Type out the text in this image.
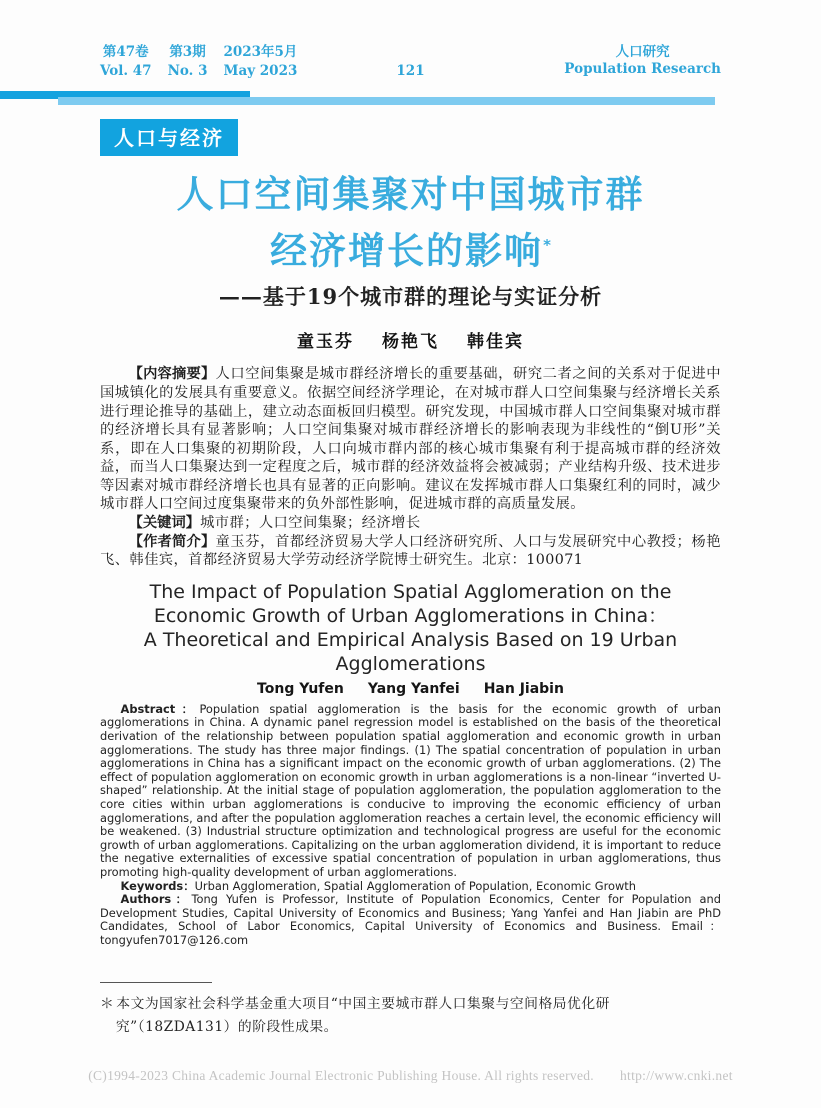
第47卷 第3期 2023年5月
Vol. 47 No. 3 May 2023	121
人口研究
Population Research
人口与经济
人口空间集聚对中国城市群
经济增长的影响*
——基于19个城市群的理论与实证分析
童玉芬 杨艳飞 韩佳宾

【内容摘要】人口空间集聚是城市群经济增长的重要基础，研究二者之间的关系对于促进中国城镇化的发展具有重要意义。依据空间经济学理论，在对城市群人口空间集聚与经济增长关系进行理论推导的基础上，建立动态面板回归模型。研究发现，中国城市群人口空间集聚对城市群的经济增长具有显著影响；人口空间集聚对城市群经济增长的影响表现为非线性的“倒U形”关系，即在人口集聚的初期阶段，人口向城市群内部的核心城市集聚有利于提高城市群的经济效益，而当人口集聚达到一定程度之后，城市群的经济效益将会被减弱；产业结构升级、技术进步等因素对城市群经济增长也具有显著的正向影响。建议在发挥城市群人口集聚红利的同时，减少城市群人口空间过度集聚带来的负外部性影响，促进城市群的高质量发展。

【关键词】城市群；人口空间集聚；经济增长

【作者简介】童玉芬，首都经济贸易大学人口经济研究所、人口与发展研究中心教授；杨艳飞、韩佳宾，首都经济贸易大学劳动经济学院博士研究生。北京：100071

The Impact of Population Spatial Agglomeration on the
Economic Growth of Urban Agglomerations in China：
A Theoretical and Empirical Analysis Based on 19 Urban Agglomerations
Tong Yufen Yang Yanfei Han Jiabin

Abstract：Population spatial agglomeration is the basis for the economic growth of urban agglomerations in China. A dynamic panel regression model is established on the basis of the theoretical derivation of the relationship between population spatial agglomeration and economic growth in urban agglomerations. The study has three major findings. (1) The spatial concentration of population in urban agglomerations in China has a significant impact on the economic growth of urban agglomerations. (2) The effect of population agglomeration on economic growth in urban agglomerations is a non-linear “inverted U-shaped” relationship. At the initial stage of population agglomeration, the population agglomeration to the core cities within urban agglomerations is conducive to improving the economic efficiency of urban agglomerations, and after the population agglomeration reaches a certain level, the economic efficiency will be weakened. (3) Industrial structure optimization and technological progress are useful for the economic growth of urban agglomerations. Capitalizing on the urban agglomeration dividend, it is important to reduce the negative externalities of excessive spatial concentration of population in urban agglomerations, thus promoting high-quality development of urban agglomerations.

Keywords：Urban Agglomeration, Spatial Agglomeration of Population, Economic Growth

Authors：Tong Yufen is Professor, Institute of Population Economics, Center for Population and Development Studies, Capital University of Economics and Business; Yang Yanfei and Han Jiabin are PhD Candidates, School of Labor Economics, Capital University of Economics and Business. Email：tongyufen7017@126.com

＊ 本文为国家社会科学基金重大项目“中国主要城市群人口集聚与空间格局优化研究”（18ZDA131）的阶段性成果。

(C)1994-2023 China Academic Journal Electronic Publishing House. All rights reserved. http://www.cnki.net
